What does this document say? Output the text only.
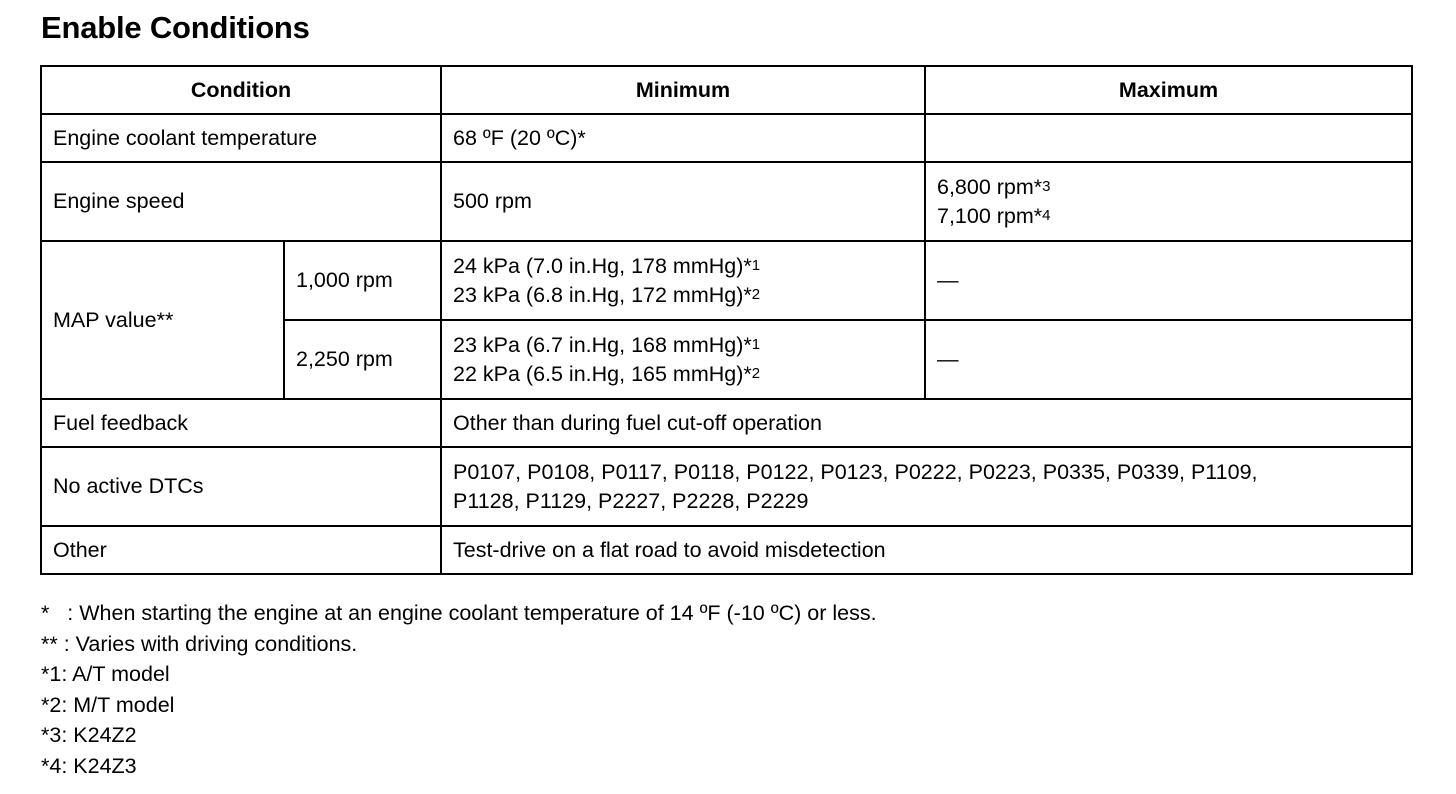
Enable Conditions
Condition		Minimum	Maximum
Engine coolant temperature		68 ºF (20 ºC)*	
Engine speed		500 rpm	6,800 rpm*$^3$
7,100 rpm*$^4$

MAP value**	1,000 rpm	24 kPa (7.0 in.Hg, 178 mmHg)*$^1$
23 kPa (6.8 in.Hg, 172 mmHg)*$^2$	—
	2,250 rpm	23 kPa (6.7 in.Hg, 168 mmHg)*$^1$
22 kPa (6.5 in.Hg, 165 mmHg)*$^2$	—
Fuel feedback		Other than during fuel cut-off operation	
No active DTCs		P0107, P0108, P0117, P0118, P0122, P0123, P0222, P0223, P0335, P0339, P1109,
P1128, P1129, P2227, P2228, P2229	

Other		Test-drive on a flat road to avoid misdetection	
*   : When starting the engine at an engine coolant temperature of 14 ºF (-10 ºC) or less.
** : Varies with driving conditions.
*1: A/T model
*2: M/T model
*3: K24Z2
*4: K24Z3
